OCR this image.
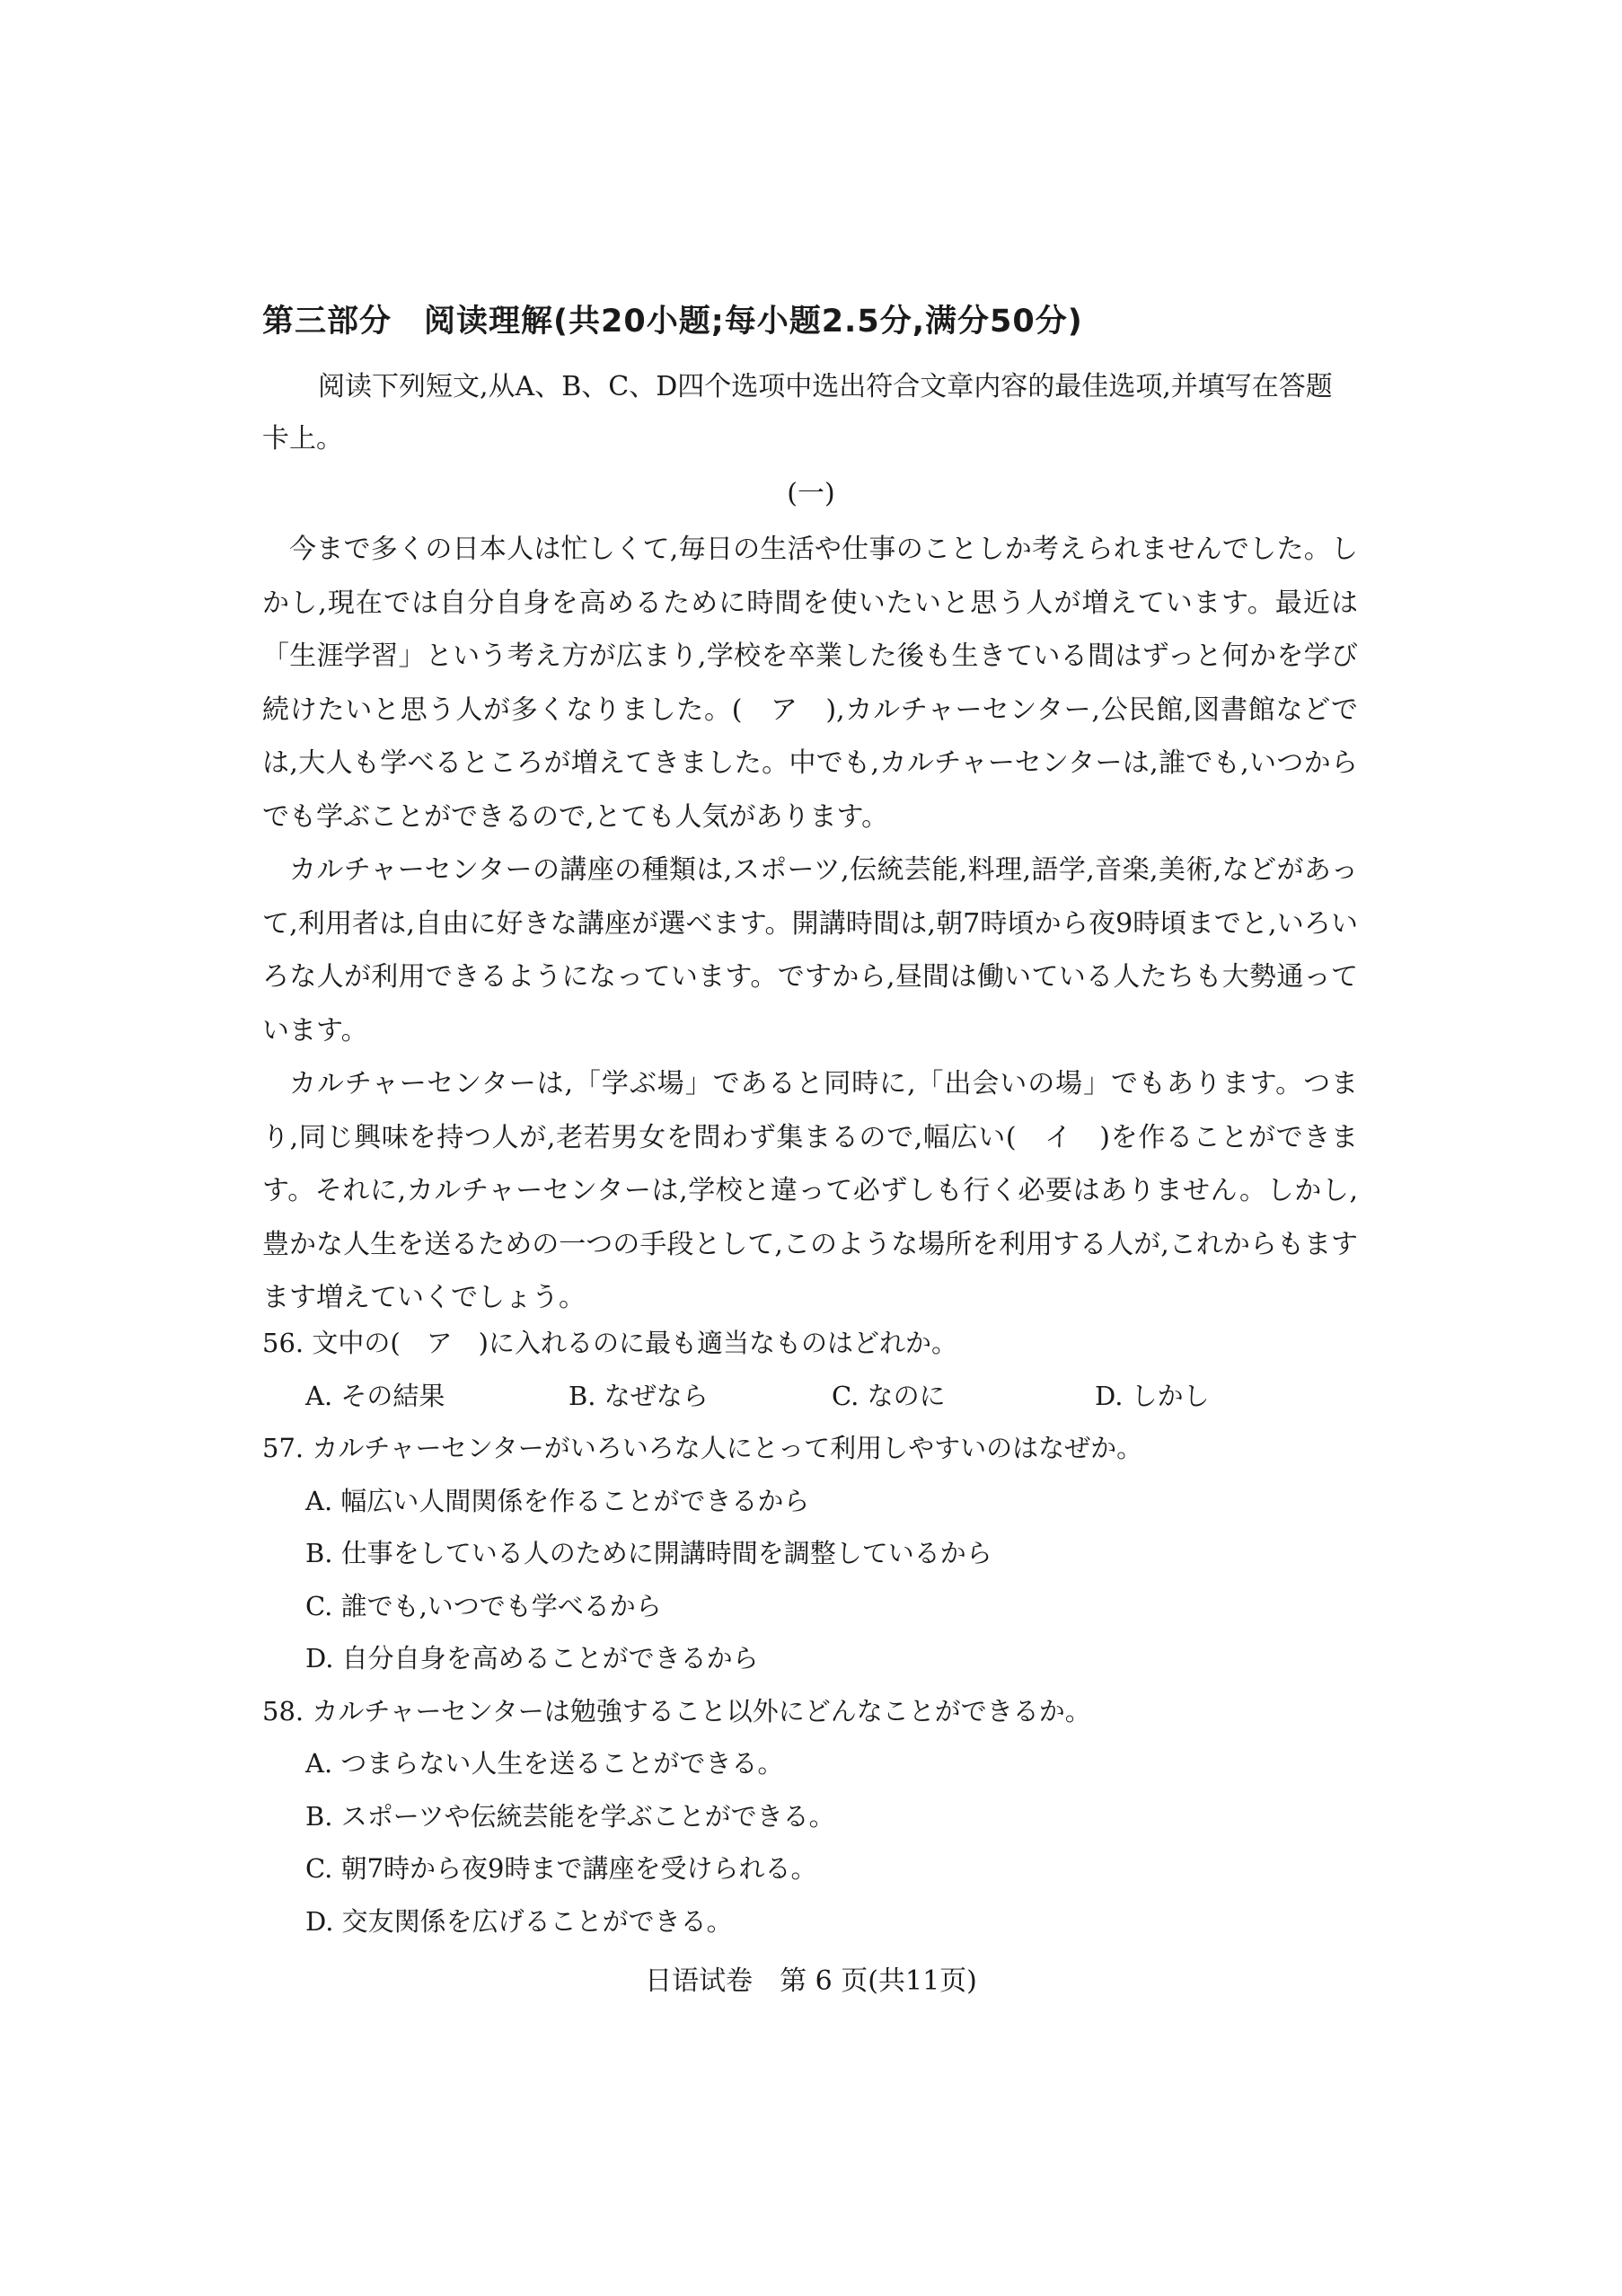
第三部分　阅读理解(共20小题;每小题2.5分,满分50分)
阅读下列短文,从A、B、C、D四个选项中选出符合文章内容的最佳选项,并填写在答题卡上。
(一)

今まで多くの日本人は忙しくて,毎日の生活や仕事のことしか考えられませんでした。しかし,現在では自分自身を高めるために時間を使いたいと思う人が増えています。最近は「生涯学習」という考え方が広まり,学校を卒業した後も生きている間はずっと何かを学び続けたいと思う人が多くなりました。(　ア　),カルチャーセンター,公民館,図書館などでは,大人も学べるところが増えてきました。中でも,カルチャーセンターは,誰でも,いつからでも学ぶことができるので,とても人気があります。

カルチャーセンターの講座の種類は,スポーツ,伝統芸能,料理,語学,音楽,美術,などがあって,利用者は,自由に好きな講座が選べます。開講時間は,朝7時頃から夜9時頃までと,いろいろな人が利用できるようになっています。ですから,昼間は働いている人たちも大勢通っています。

カルチャーセンターは,「学ぶ場」であると同時に,「出会いの場」でもあります。つまり,同じ興味を持つ人が,老若男女を問わず集まるので,幅広い(　イ　)を作ることができます。それに,カルチャーセンターは,学校と違って必ずしも行く必要はありません。しかし,豊かな人生を送るための一つの手段として,このような場所を利用する人が,これからもますます増えていくでしょう。

56. 文中の(　ア　)に入れるのに最も適当なものはどれか。

A. その結果	B. なぜなら	C. なのに	D. しかし

57. カルチャーセンターがいろいろな人にとって利用しやすいのはなぜか。

A. 幅広い人間関係を作ることができるから

B. 仕事をしている人のために開講時間を調整しているから

C. 誰でも,いつでも学べるから

D. 自分自身を高めることができるから

58. カルチャーセンターは勉強すること以外にどんなことができるか。

A. つまらない人生を送ることができる。

B. スポーツや伝統芸能を学ぶことができる。

C. 朝7時から夜9時まで講座を受けられる。

D. 交友関係を広げることができる。

日语试卷　第 6 页(共11页)
